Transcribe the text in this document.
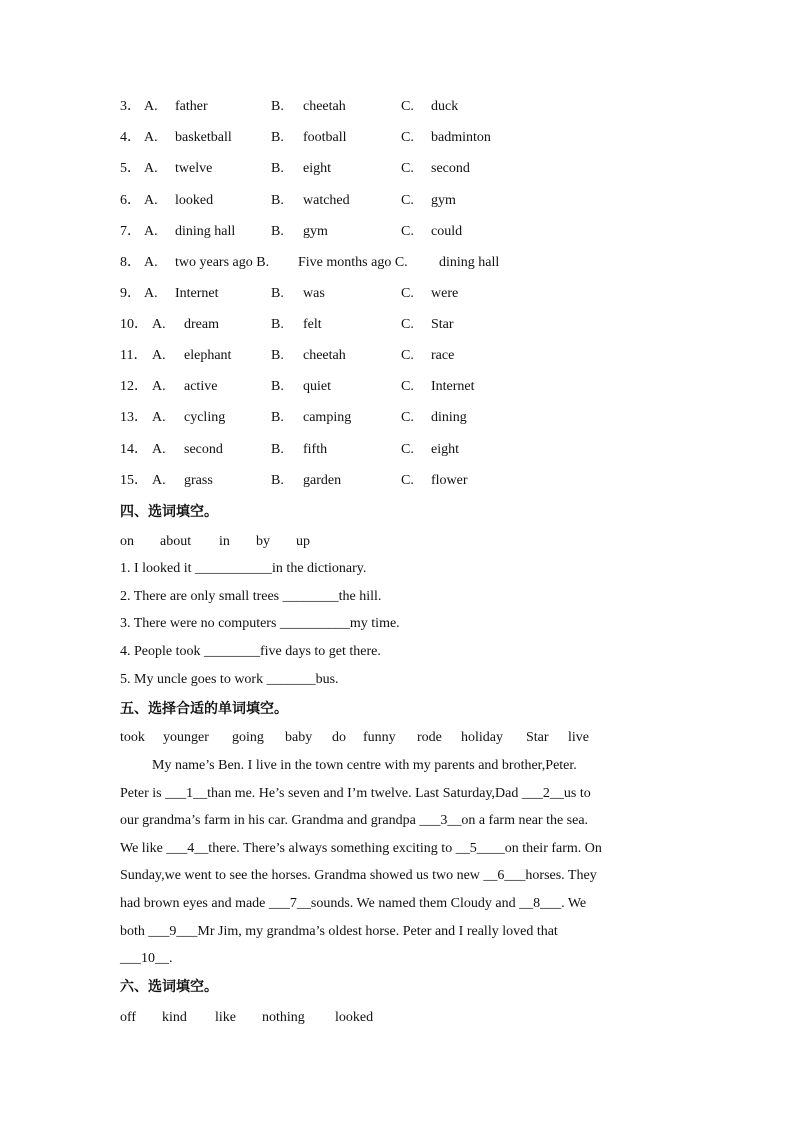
3． A. father	B. cheetah	C. duck
4． A. basketball	B. football	C. badminton
5． A. twelve	B. eight	C. second
6． A. looked	B. watched	C. gym
7． A. dining hall	B. gym	C. could
8． A. two years ago B. Five months ago C. dining hall
9． A. Internet	B. was	C. were
10． A. dream	B. felt	C. Star
11． A. elephant	B. cheetah	C. race
12． A. active	B. quiet	C. Internet
13． A. cycling	B. camping	C. dining
14． A. second	B. fifth	C. eight
15． A. grass	B. garden	C. flower
四、选词填空。
on about in by up
1. I looked it ___________in the dictionary.
2. There are only small trees ________the hill.
3. There were no computers __________my time.
4. People took ________five days to get there.
5. My uncle goes to work _______bus.
五、选择合适的单词填空。
took younger going baby do funny rode holiday Star live
My name’s Ben. I live in the town centre with my parents and brother,Peter.
Peter is ___1__than me. He’s seven and I’m twelve. Last Saturday,Dad ___2__us to
our grandma’s farm in his car. Grandma and grandpa ___3__on a farm near the sea.
We like ___4__there. There’s always something exciting to __5____on their farm. On
Sunday,we went to see the horses. Grandma showed us two new __6___horses. They
had brown eyes and made ___7__sounds. We named them Cloudy and __8___. We
both ___9___Mr Jim, my grandma’s oldest horse. Peter and I really loved that
___10__.
六、选词填空。
off kind like nothing looked
